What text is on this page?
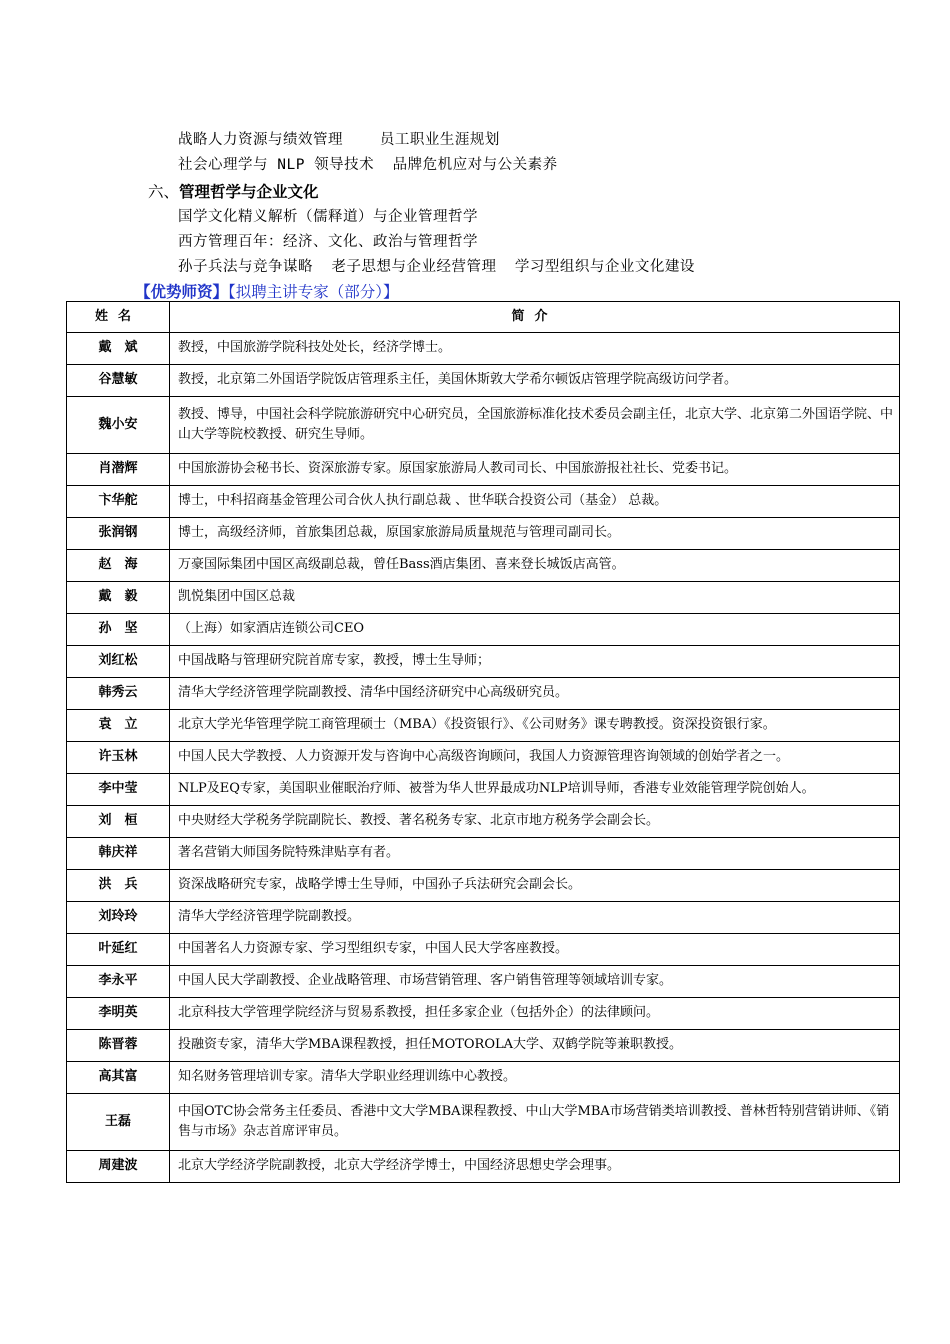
战略人力资源与绩效管理    员工职业生涯规划
社会心理学与 NLP 领导技术  品牌危机应对与公关素养
六、管理哲学与企业文化
国学文化精义解析（儒释道）与企业管理哲学
西方管理百年：经济、文化、政治与管理哲学
孙子兵法与竞争谋略  老子思想与企业经营管理  学习型组织与企业文化建设
【优势师资】【拟聘主讲专家（部分）】
姓名	简介
戴　斌	教授，中国旅游学院科技处处长，经济学博士。
谷慧敏	教授，北京第二外国语学院饭店管理系主任，美国休斯敦大学希尔顿饭店管理学院高级访问学者。
魏小安	教授、博导，中国社会科学院旅游研究中心研究员，全国旅游标准化技术委员会副主任，北京大学、北京第二外国语学院、中山大学等院校教授、研究生导师。
肖潜辉	中国旅游协会秘书长、资深旅游专家。原国家旅游局人教司司长、中国旅游报社社长、党委书记。
卞华舵	博士，中科招商基金管理公司合伙人执行副总裁 、世华联合投资公司（基金） 总裁。
张润钢	博士，高级经济师，首旅集团总裁，原国家旅游局质量规范与管理司副司长。
赵　海	万豪国际集团中国区高级副总裁，曾任Bass酒店集团、喜来登长城饭店高管。
戴　毅	凯悦集团中国区总裁
孙　坚	（上海）如家酒店连锁公司CEO
刘红松	中国战略与管理研究院首席专家，教授，博士生导师；
韩秀云	清华大学经济管理学院副教授、清华中国经济研究中心高级研究员。
袁　立	北京大学光华管理学院工商管理硕士（MBA）《投资银行》、《公司财务》课专聘教授。资深投资银行家。
许玉林	中国人民大学教授、人力资源开发与咨询中心高级咨询顾问，我国人力资源管理咨询领域的创始学者之一。
李中莹	NLP及EQ专家，美国职业催眠治疗师、被誉为华人世界最成功NLP培训导师，香港专业效能管理学院创始人。
刘　桓	中央财经大学税务学院副院长、教授、著名税务专家、北京市地方税务学会副会长。
韩庆祥	著名营销大师国务院特殊津贴享有者。
洪　兵	资深战略研究专家，战略学博士生导师，中国孙子兵法研究会副会长。
刘玲玲	清华大学经济管理学院副教授。
叶延红	中国著名人力资源专家、学习型组织专家，中国人民大学客座教授。
李永平	中国人民大学副教授、企业战略管理、市场营销管理、客户销售管理等领域培训专家。
李明英	北京科技大学管理学院经济与贸易系教授，担任多家企业（包括外企）的法律顾问。
陈晋蓉	投融资专家，清华大学MBA课程教授，担任MOTOROLA大学、双鹤学院等兼职教授。
高其富	知名财务管理培训专家。清华大学职业经理训练中心教授。
王磊	中国OTC协会常务主任委员、香港中文大学MBA课程教授、中山大学MBA市场营销类培训教授、普林哲特别营销讲师、《销售与市场》杂志首席评审员。
周建波	北京大学经济学院副教授，北京大学经济学博士，中国经济思想史学会理事。
